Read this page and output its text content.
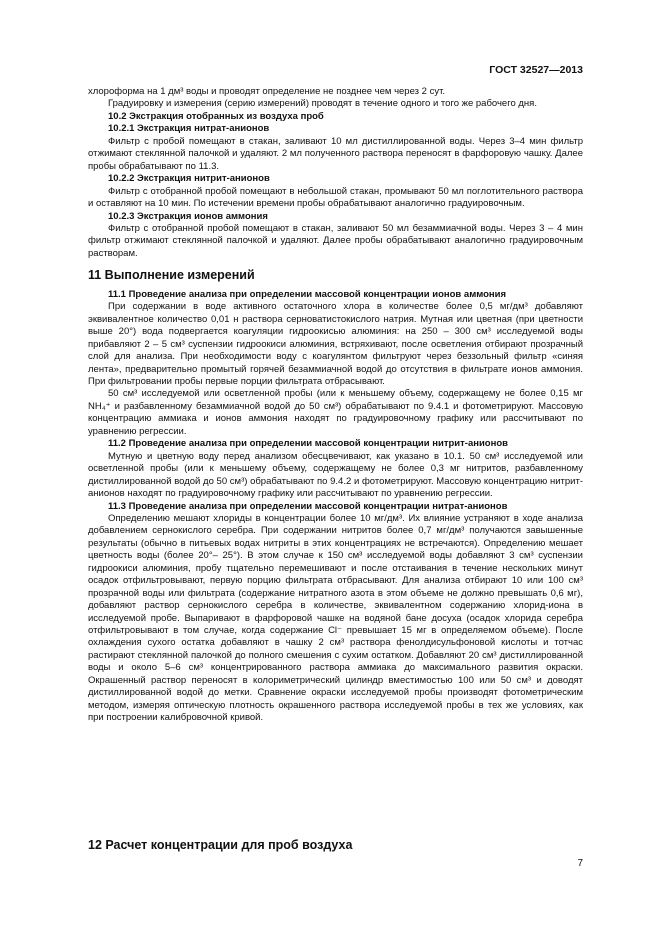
ГОСТ 32527—2013

хлороформа на 1 дм³ воды и проводят определение не позднее чем через 2 сут.

Градуировку и измерения (серию измерений) проводят в течение одного и того же рабочего дня.

10.2 Экстракция отобранных из воздуха проб

10.2.1 Экстракция нитрат-анионов

Фильтр с пробой помещают в стакан, заливают 10 мл дистиллированной воды. Через 3–4 мин фильтр отжимают стеклянной палочкой и удаляют. 2 мл полученного раствора переносят в фарфоровую чашку. Далее пробы обрабатывают по 11.3.

10.2.2 Экстракция нитрит-анионов

Фильтр с отобранной пробой помещают в небольшой стакан, промывают 50 мл поглотительного раствора и оставляют на 10 мин. По истечении времени пробы обрабатывают аналогично градуировочным.

10.2.3 Экстракция ионов аммония

Фильтр с отобранной пробой помещают в стакан, заливают 50 мл безаммиачной воды. Через 3 – 4 мин фильтр отжимают стеклянной палочкой и удаляют. Далее пробы обрабатывают аналогично градуировочным растворам.

11 Выполнение измерений

11.1 Проведение анализа при определении массовой концентрации ионов аммония

При содержании в воде активного остаточного хлора в количестве более 0,5 мг/дм³ добавляют эквивалентное количество 0,01 н раствора серноватистокислого натрия. Мутная или цветная (при цветности выше 20°) вода подвергается коагуляции гидроокисью алюминия: на 250 – 300 см³ исследуемой воды прибавляют 2 – 5 см³ суспензии гидроокиси алюминия, встряхивают, после осветления отбирают прозрачный слой для анализа. При необходимости воду с коагулянтом фильтруют через беззольный фильтр «синяя лента», предварительно промытый горячей безаммиачной водой до отсутствия в фильтрате ионов аммония. При фильтровании пробы первые порции фильтрата отбрасывают.

50 см³ исследуемой или осветленной пробы (или к меньшему объему, содержащему не более 0,15 мг NH₄⁺ и разбавленному безаммиачной водой до 50 см³) обрабатывают по 9.4.1 и фотометрируют. Массовую концентрацию аммиака и ионов аммония находят по градуировочному графику или рассчитывают по уравнению регрессии.

11.2 Проведение анализа при определении массовой концентрации нитрит-анионов

Мутную и цветную воду перед анализом обесцвечивают, как указано в 10.1. 50 см³ исследуемой или осветленной пробы (или к меньшему объему, содержащему не более 0,3 мг нитритов, разбавленному дистиллированной водой до 50 см³) обрабатывают по 9.4.2 и фотометрируют. Массовую концентрацию нитрит-анионов находят по градуировочному графику или рассчитывают по уравнению регрессии.

11.3 Проведение анализа при определении массовой концентрации нитрат-анионов

Определению мешают хлориды в концентрации более 10 мг/дм³. Их влияние устраняют в ходе анализа добавлением сернокислого серебра. При содержании нитритов более 0,7 мг/дм³ получаются завышенные результаты (обычно в питьевых водах нитриты в этих концентрациях не встречаются). Определению мешает цветность воды (более 20°– 25°). В этом случае к 150 см³ исследуемой воды добавляют 3 см³ суспензии гидроокиси алюминия, пробу тщательно перемешивают и после отстаивания в течение нескольких минут осадок отфильтровывают, первую порцию фильтрата отбрасывают. Для анализа отбирают 10 или 100 см³ прозрачной воды или фильтрата (содержание нитратного азота в этом объеме не должно превышать 0,6 мг), добавляют раствор сернокислого серебра в количестве, эквивалентном содержанию хлорид-иона в исследуемой пробе. Выпаривают в фарфоровой чашке на водяной бане досуха (осадок хлорида серебра отфильтровывают в том случае, когда содержание Cl⁻ превышает 15 мг в определяемом объеме). После охлаждения сухого остатка добавляют в чашку 2 см³ раствора фенолдисульфоновой кислоты и тотчас растирают стеклянной палочкой до полного смешения с сухим остатком. Добавляют 20 см³ дистиллированной воды и около 5–6 см³ концентрированного раствора аммиака до максимального развития окраски. Окрашенный раствор переносят в колориметрический цилиндр вместимостью 100 или 50 см³ и доводят дистиллированной водой до метки. Сравнение окраски исследуемой пробы производят фотометрическим методом, измеряя оптическую плотность окрашенного раствора исследуемой пробы в тех же условиях, как при построении калибровочной кривой.

12 Расчет концентрации для проб воздуха
7
